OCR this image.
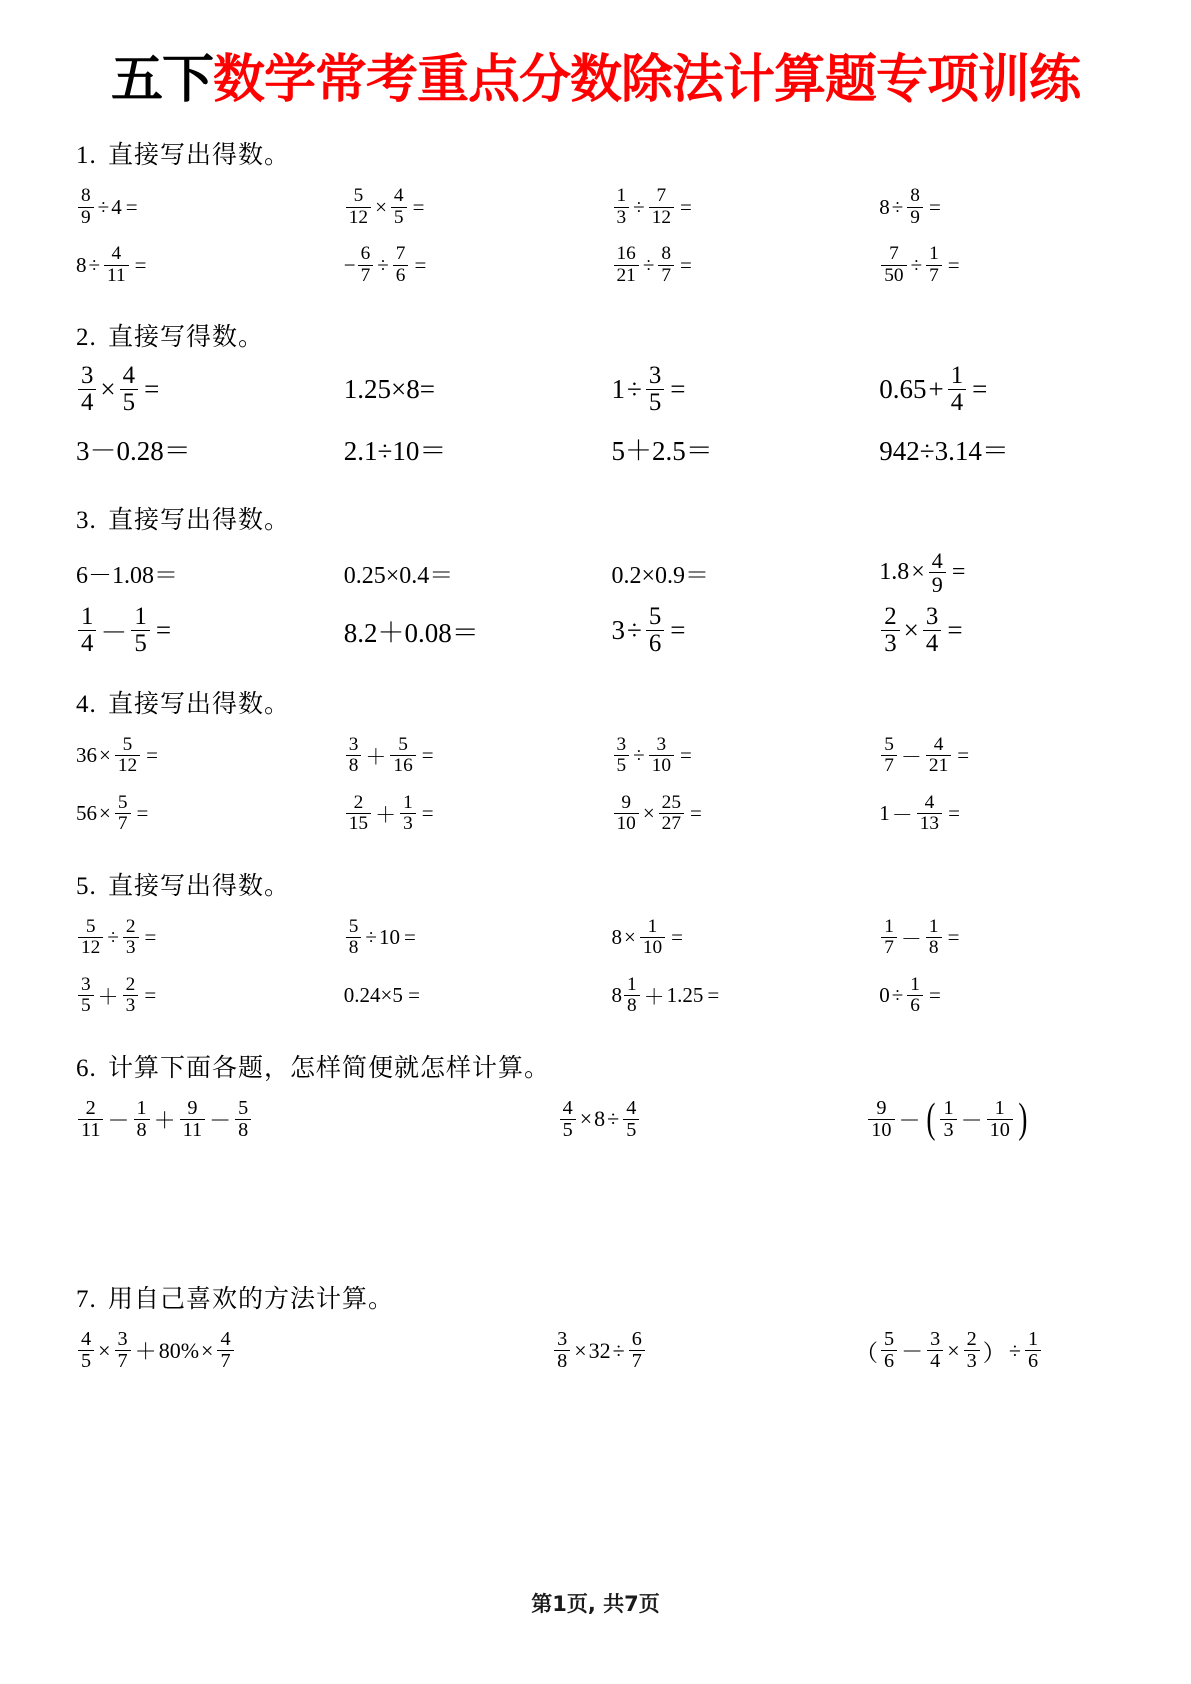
五下数学常考重点分数除法计算题专项训练
1. 直接写出得数。
$\frac{8}{9} \div 4$ =	$\frac{5}{12} \times \frac{4}{5}$ =	$\frac{1}{3} \div \frac{7}{12}$ =	$8 \div \frac{8}{9}$ =
$8 \div \frac{4}{11}$ =	− $\frac{6}{7} \div \frac{7}{6}$ =	$\frac{16}{21} \div \frac{8}{7}$ =	$\frac{7}{50} \div \frac{1}{7}$ =
2. 直接写得数。
$\frac{3}{4} \times \frac{4}{5}$ =	1.25×8=	$1 \div \frac{3}{5}$ =	$0.65 + \frac{1}{4}$ =
3－0.28＝	2.1÷10＝	5＋2.5＝	942÷3.14＝
3. 直接写出得数。
6－1.08＝	0.25×0.4＝	0.2×0.9＝	$1.8 \times \frac{4}{9}$ =
$\frac{1}{4} - \frac{1}{5}$ =	8.2＋0.08＝	$3 \div \frac{5}{6}$ =	$\frac{2}{3} \times \frac{3}{4}$ =
4. 直接写出得数。
$36 \times \frac{5}{12}$ =	$\frac{3}{8} + \frac{5}{16}$ =	$\frac{3}{5} \div \frac{3}{10}$ =	$\frac{5}{7} - \frac{4}{21}$ =
$56 \times \frac{5}{7}$ =	$\frac{2}{15} + \frac{1}{3}$ =	$\frac{9}{10} \times \frac{25}{27}$ =	$1 - \frac{4}{13}$ =
5. 直接写出得数。
$\frac{5}{12} \div \frac{2}{3}$ =	$\frac{5}{8} \div 10$ =	$8 \times \frac{1}{10}$ =	$\frac{1}{7} - \frac{1}{8}$ =
$\frac{3}{5} + \frac{2}{3}$ =	0.24×5 =	$8 \frac{1}{8} + 1.25$ =	$0 \div \frac{1}{6}$ =
6. 计算下面各题，怎样简便就怎样计算。
$\frac{2}{11} - \frac{1}{8} + \frac{9}{11} - \frac{5}{8}$	$\frac{4}{5} \times 8 \div \frac{4}{5}$	$\frac{9}{10}$ － ( $\frac{1}{3} - \frac{1}{10}$ )
7. 用自己喜欢的方法计算。
$\frac{4}{5} \times \frac{3}{7} + 80\% \times \frac{4}{7}$	$\frac{3}{8} \times 32 \div \frac{6}{7}$	（ $\frac{5}{6} - \frac{3}{4} \times \frac{2}{3}$ ） ÷ $\frac{1}{6}$
第1页, 共7页
